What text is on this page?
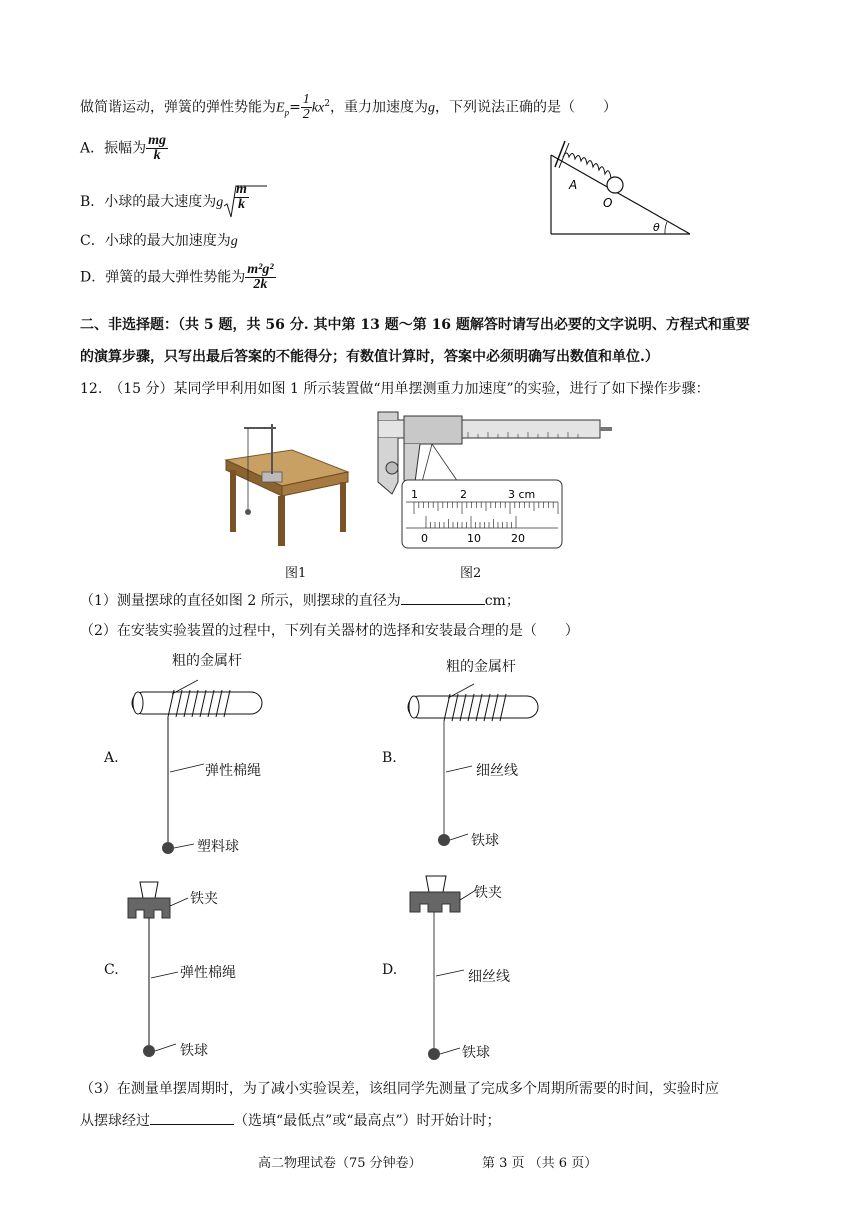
做简谐运动，弹簧的弹性势能为$E_p= \frac{1}{2} kx^2$，重力加速度为g，下列说法正确的是（　　）
A．振幅为 $\frac{mg}{k}$
B．小球的最大速度为g $\frac{m}{k}$
C．小球的最大加速度为g
D．弹簧的最大弹性势能为 $\frac{\text{m²g²}}{2k}$
A
O
θ
二、非选择题：（共 5 题，共 56 分. 其中第 13 题～第 16 题解答时请写出必要的文字说明、方程式和重要
的演算步骤，只写出最后答案的不能得分；有数值计算时，答案中必须明确写出数值和单位.）
12.　（15 分）某同学甲利用如图 1 所示装置做“用单摆测重力加速度”的实验，进行了如下操作步骤：
图1
1	2	3 cm
0	10	20
图2
（1）测量摆球的直径如图 2 所示，则摆球的直径为	cm；
（2）在安装实验装置的过程中，下列有关器材的选择和安装最合理的是（　　）
A.
粗的金属杆
弹性棉绳
塑料球
B.
粗的金属杆
细丝线
铁球
C.
铁夹
弹性棉绳
铁球
D.
铁夹
细丝线
铁球
（3）在测量单摆周期时，为了减小实验误差，该组同学先测量了完成多个周期所需要的时间，实验时应
从摆球经过	（选填“最低点”或“最高点”）时开始计时；
高二物理试卷（75 分钟卷）	第 3 页 （共 6 页）
